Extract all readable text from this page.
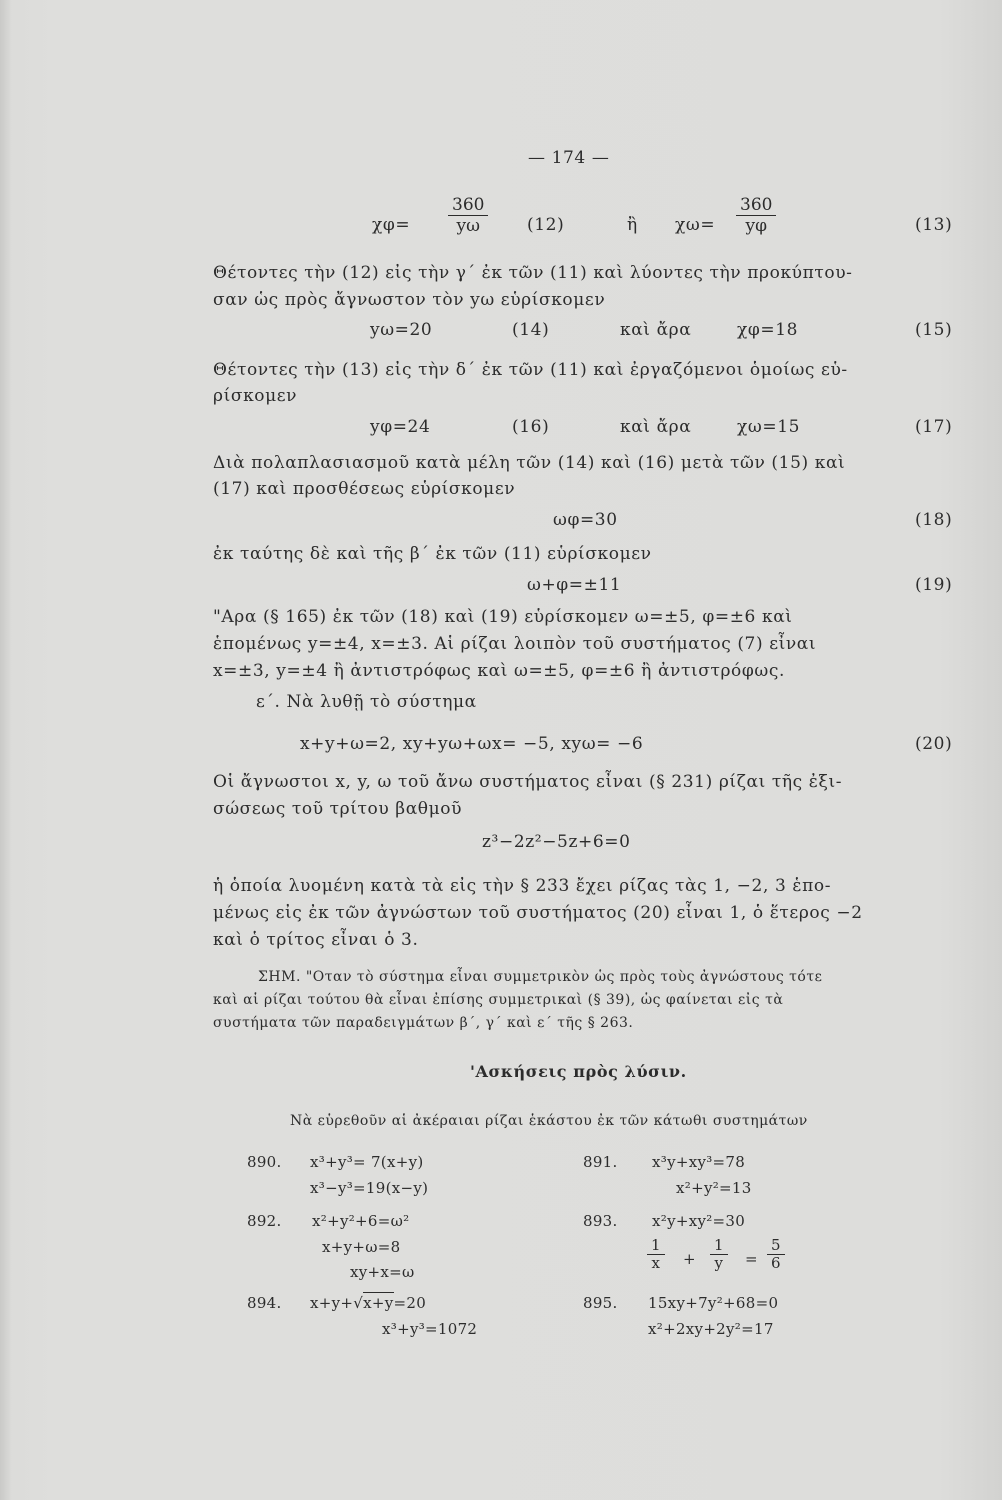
— 174 —
$\chi\varphi= \frac{360}{y\omega} (12)$	ἢ $\chi\omega= \frac{360}{y\varphi}$	(13)
Θέτοντες τὴν (12) εἰς τὴν γ΄ ἐκ τῶν (11) καὶ λύοντες τὴν προκύπτου-
σαν ὡς πρὸς ἄγνωστον τὸν yω εὑρίσκομεν
yω=20	(14)	καὶ ἄρα	χφ=18	(15)
Θέτοντες τὴν (13) εἰς τὴν δ΄ ἐκ τῶν (11) καὶ ἐργαζόμενοι ὁμοίως εὑ-
ρίσκομεν
yφ=24	(16)	καὶ ἄρα	χω=15	(17)
Διὰ πολαπλασιασμοῦ κατὰ μέλη τῶν (14) καὶ (16) μετὰ τῶν (15) καὶ
(17) καὶ προσθέσεως εὑρίσκομεν
ωφ=30	(18)
ἐκ ταύτης δὲ καὶ τῆς β΄ ἐκ τῶν (11) εὑρίσκομεν
ω+φ=±11	(19)
"Αρα (§ 165) ἐκ τῶν (18) καὶ (19) εὑρίσκομεν ω=±5, φ=±6 καὶ
ἑπομένως y=±4, x=±3. Αἱ ρίζαι λοιπὸν τοῦ συστήματος (7) εἶναι
x=±3, y=±4 ἢ ἀντιστρόφως καὶ ω=±5, φ=±6 ἢ ἀντιστρόφως.
ε΄. Νὰ λυθῇ τὸ σύστημα
x+y+ω=2, xy+yω+ωx= −5, xyω= −6	(20)
Οἱ ἄγνωστοι x, y, ω τοῦ ἄνω συστήματος εἶναι (§ 231) ρίζαι τῆς ἐξι-
σώσεως τοῦ τρίτου βαθμοῦ
z³−2z²−5z+6=0
ἡ ὁποία λυομένη κατὰ τὰ εἰς τὴν § 233 ἔχει ρίζας τὰς 1, −2, 3 ἑπο-
μένως εἰς ἐκ τῶν ἀγνώστων τοῦ συστήματος (20) εἶναι 1, ὁ ἕτερος −2
καὶ ὁ τρίτος εἶναι ὁ 3.
ΣΗΜ. "Οταν τὸ σύστημα εἶναι συμμετρικὸν ὡς πρὸς τοὺς ἀγνώστους τότε
καὶ αἱ ρίζαι τούτου θὰ εἶναι ἐπίσης συμμετρικαὶ (§ 39), ὡς φαίνεται εἰς τὰ
συστήματα τῶν παραδειγμάτων β΄, γ΄ καὶ ε΄ τῆς § 263.
'Ασκήσεις πρὸς λύσιν.
Νὰ εὑρεθοῦν αἱ ἀκέραιαι ρίζαι ἑκάστου ἐκ τῶν κάτωθι συστημάτων
890. x³+y³= 7(x+y)
x³−y³=19(x−y)
891. x³y+xy³=78
x²+y²=13
892. x²+y²+6=ω²
x+y+ω=8
xy+x=ω
893. x²y+xy²=30
$\frac{1}{x} + \frac{1}{y} = \frac{5}{6}$
894. x+y+√x+y=20
x³+y³=1072
895. 15xy+7y²+68=0
x²+2xy+2y²=17
